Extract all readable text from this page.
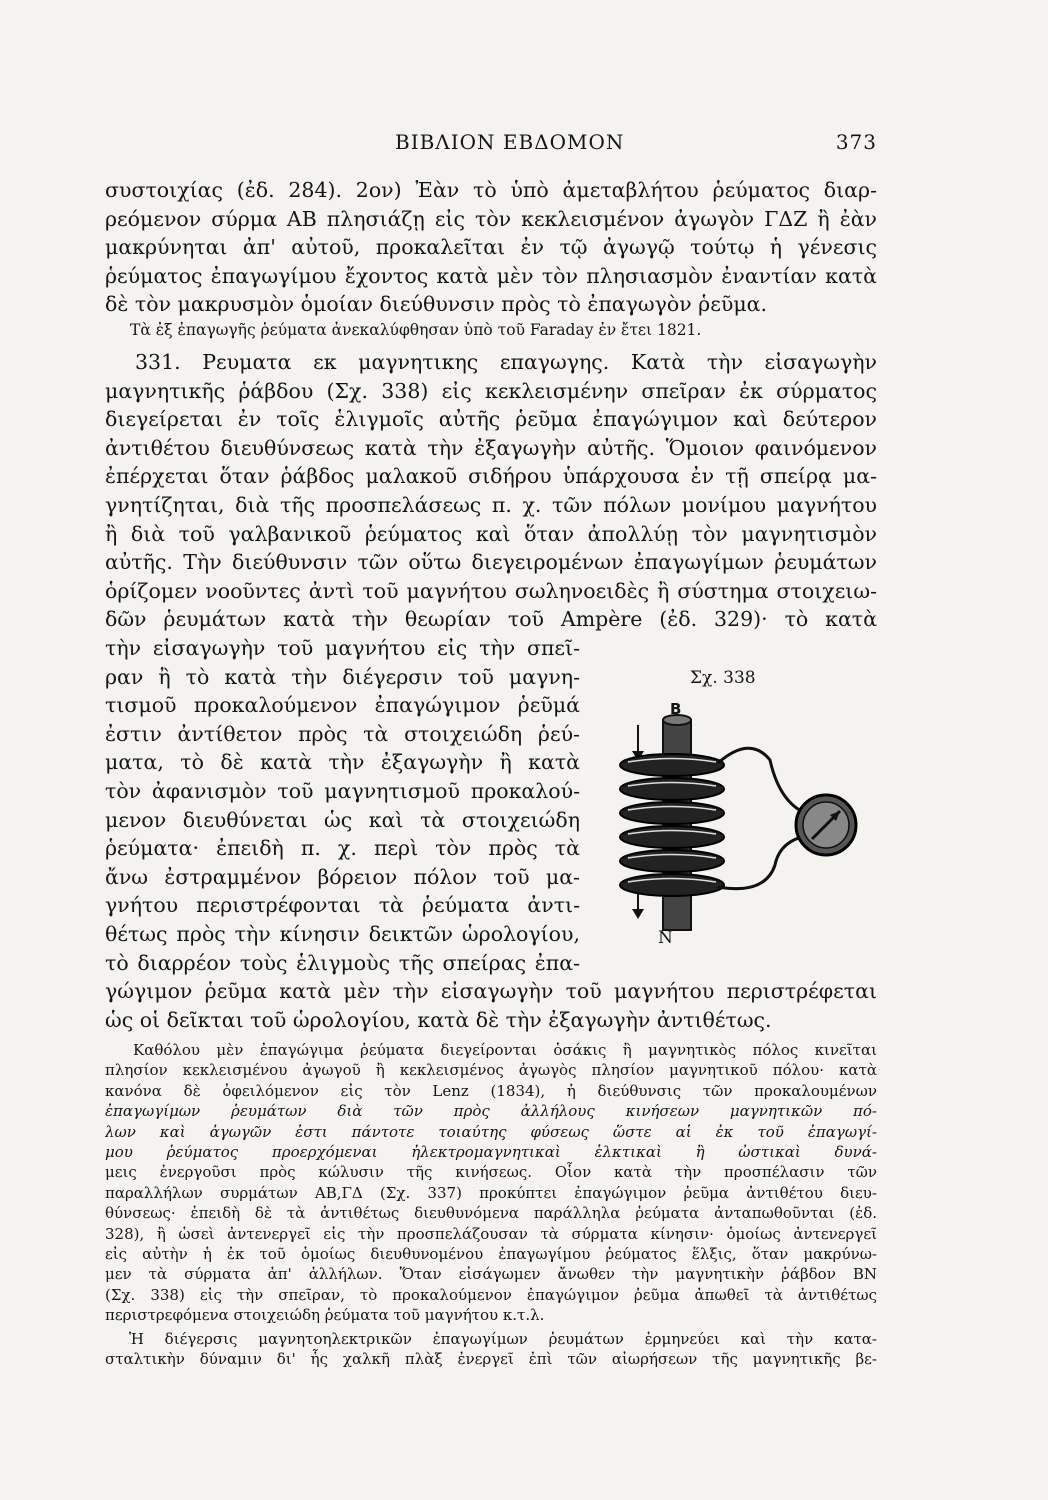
ΒΙΒΛΙΟΝ ΕΒΔΟΜΟΝ	373
συστοιχίας (ἐδ. 284). 2ον) Ἐὰν τὸ ὑπὸ ἀμεταβλήτου ῥεύματος διαρ-
ρεόμενον σύρμα ΑΒ πλησιάζῃ εἰς τὸν κεκλεισμένον ἀγωγὸν ΓΔΖ ἢ ἐὰν
μακρύνηται ἀπ' αὐτοῦ, προκαλεῖται ἐν τῷ ἀγωγῷ τούτῳ ἡ γένεσις
ῥεύματος ἐπαγωγίμου ἔχοντος κατὰ μὲν τὸν πλησιασμὸν ἐναντίαν κατὰ
δὲ τὸν μακρυσμὸν ὁμοίαν διεύθυνσιν πρὸς τὸ ἐπαγωγὸν ῥεῦμα.
Τὰ ἐξ ἐπαγωγῆς ῥεύματα ἀνεκαλύφθησαν ὑπὸ τοῦ Faraday ἐν ἔτει 1821.
331. Ρευματα εκ μαγνητικης επαγωγης. Κατὰ τὴν εἰσαγωγὴν
μαγνητικῆς ῥάβδου (Σχ. 338) εἰς κεκλεισμένην σπεῖραν ἐκ σύρματος
διεγείρεται ἐν τοῖς ἑλιγμοῖς αὐτῆς ῥεῦμα ἐπαγώγιμον καὶ δεύτερον
ἀντιθέτου διευθύνσεως κατὰ τὴν ἐξαγωγὴν αὐτῆς. Ὅμοιον φαινόμενον
ἐπέρχεται ὅταν ῥάβδος μαλακοῦ σιδήρου ὑπάρχουσα ἐν τῇ σπείρᾳ μα-
γνητίζηται, διὰ τῆς προσπελάσεως π. χ. τῶν πόλων μονίμου μαγνήτου
ἢ διὰ τοῦ γαλβανικοῦ ῥεύματος καὶ ὅταν ἀπολλύῃ τὸν μαγνητισμὸν
αὐτῆς. Τὴν διεύθυνσιν τῶν οὕτω διεγειρομένων ἐπαγωγίμων ῥευμάτων
ὁρίζομεν νοοῦντες ἀντὶ τοῦ μαγνήτου σωληνοειδὲς ἢ σύστημα στοιχειω-
δῶν ῥευμάτων κατὰ τὴν θεωρίαν τοῦ Ampère (ἐδ. 329)· τὸ κατὰ
τὴν εἰσαγωγὴν τοῦ μαγνήτου εἰς τὴν σπεῖ-
ραν ἢ τὸ κατὰ τὴν διέγερσιν τοῦ μαγνη-
τισμοῦ προκαλούμενον ἐπαγώγιμον ῥεῦμά
ἐστιν ἀντίθετον πρὸς τὰ στοιχειώδη ῥεύ-
ματα, τὸ δὲ κατὰ τὴν ἐξαγωγὴν ἢ κατὰ
τὸν ἀφανισμὸν τοῦ μαγνητισμοῦ προκαλού-
μενον διευθύνεται ὡς καὶ τὰ στοιχειώδη
ῥεύματα· ἐπειδὴ π. χ. περὶ τὸν πρὸς τὰ
ἄνω ἐστραμμένον βόρειον πόλον τοῦ μα-
γνήτου περιστρέφονται τὰ ῥεύματα ἀντι-
θέτως πρὸς τὴν κίνησιν δεικτῶν ὡρολογίου,
τὸ διαρρέον τοὺς ἑλιγμοὺς τῆς σπείρας ἐπα-
γώγιμον ῥεῦμα κατὰ μὲν τὴν εἰσαγωγὴν τοῦ μαγνήτου περιστρέφεται
ὡς οἱ δεῖκται τοῦ ὡρολογίου, κατὰ δὲ τὴν ἐξαγωγὴν ἀντιθέτως.
Σχ. 338
B
N
Καθόλου μὲν ἐπαγώγιμα ῥεύματα διεγείρονται ὁσάκις ἢ μαγνητικὸς πόλος κινεῖται
πλησίον κεκλεισμένου ἀγωγοῦ ἢ κεκλεισμένος ἀγωγὸς πλησίον μαγνητικοῦ πόλου· κατὰ
κανόνα δὲ ὀφειλόμενον εἰς τὸν Lenz (1834), ἡ διεύθυνσις τῶν προκαλουμένων
ἐπαγωγίμων ῥευμάτων διὰ τῶν πρὸς ἀλλήλους κινήσεων μαγνητικῶν πό-
λων καὶ ἀγωγῶν ἐστι πάντοτε τοιαύτης φύσεως ὥστε αἱ ἐκ τοῦ ἐπαγωγί-
μου ῥεύματος προερχόμεναι ἠλεκτρομαγνητικαὶ ἑλκτικαὶ ἢ ὠστικαὶ δυνά-
μεις ἐνεργοῦσι πρὸς κώλυσιν τῆς κινήσεως. Οἷον κατὰ τὴν προσπέλασιν τῶν
παραλλήλων συρμάτων ΑΒ,ΓΔ (Σχ. 337) προκύπτει ἐπαγώγιμον ῥεῦμα ἀντιθέτου διευ-
θύνσεως· ἐπειδὴ δὲ τὰ ἀντιθέτως διευθυνόμενα παράλληλα ῥεύματα ἀνταπωθοῦνται (ἐδ.
328), ἢ ὡσεὶ ἀντενεργεῖ εἰς τὴν προσπελάζουσαν τὰ σύρματα κίνησιν· ὁμοίως ἀντενεργεῖ
εἰς αὐτὴν ἡ ἐκ τοῦ ὁμοίως διευθυνομένου ἐπαγωγίμου ῥεύματος ἕλξις, ὅταν μακρύνω-
μεν τὰ σύρματα ἀπ' ἀλλήλων. Ὅταν εἰσάγωμεν ἄνωθεν τὴν μαγνητικὴν ῥάβδον ΒΝ
(Σχ. 338) εἰς τὴν σπεῖραν, τὸ προκαλούμενον ἐπαγώγιμον ῥεῦμα ἀπωθεῖ τὰ ἀντιθέτως
περιστρεφόμενα στοιχειώδη ῥεύματα τοῦ μαγνήτου κ.τ.λ.
Ἡ διέγερσις μαγνητοηλεκτρικῶν ἐπαγωγίμων ῥευμάτων ἑρμηνεύει καὶ τὴν κατα-
σταλτικὴν δύναμιν δι' ἧς χαλκῆ πλὰξ ἐνεργεῖ ἐπὶ τῶν αἰωρήσεων τῆς μαγνητικῆς βε-
